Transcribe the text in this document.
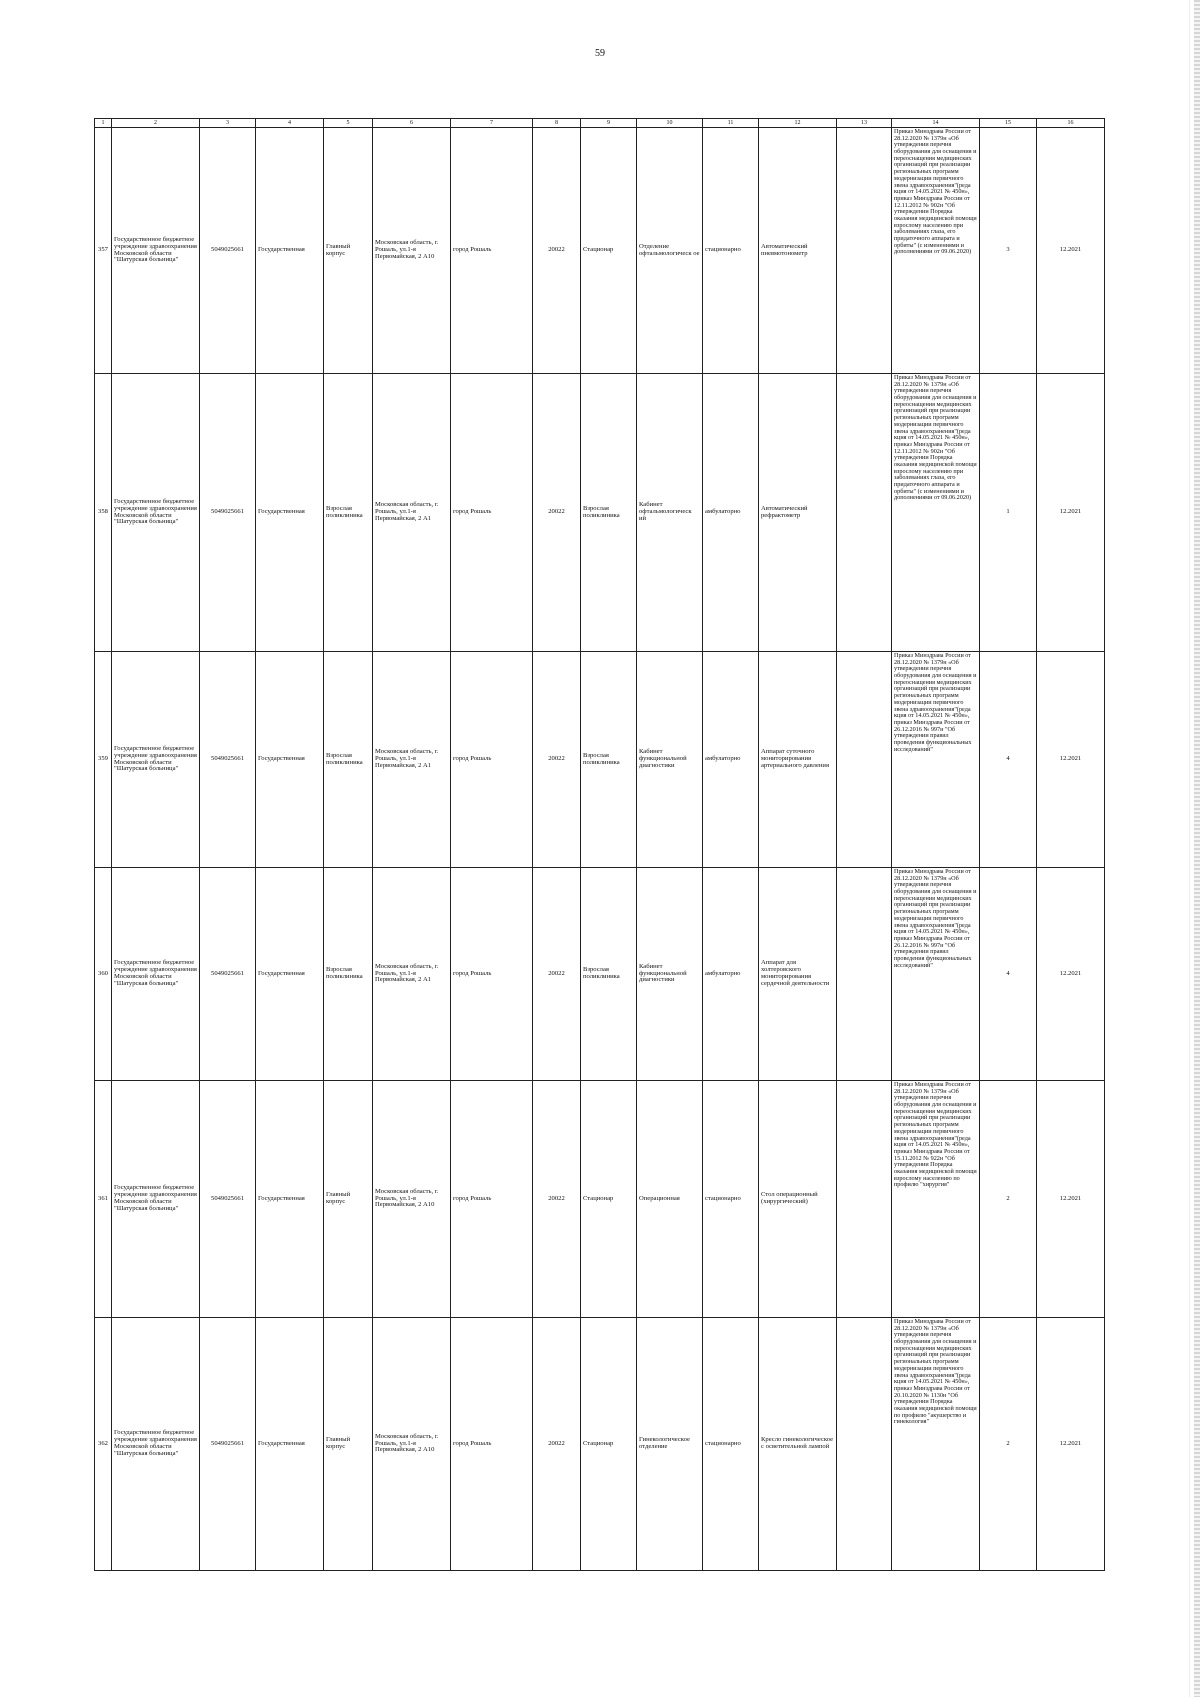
59
1	2	3	4	5	6	7	8	9	10	11	12	13	14	15	16
357	Государственное бюджетное учреждение здравоохранения Московской области "Шатурская больница"	5049025661	Государственная	Главный корпус	Московская область, г. Рошаль, ул.1-я Первомайская, 2 А10	город Рошаль	20022	Стационар	Отделение офтальмологическ ое	стационарно	Автоматический пневмотонометр		Приказ Минздрава России от 28.12.2020 № 1379н «Об утверждении перечня оборудования для оснащения и переоснащения медицинских организаций при реализации региональных программ модернизации первичного звена здравоохранения"(реда кция от 14.05.2021 № 450н», приказ Минздрава России от 12.11.2012 № 902н "Об утверждении Порядка оказания медицинской помощи взрослому населению при заболеваниях глаза, его придаточного аппарата и орбиты" (с изменениями и дополнениями от 09.06.2020)	3	12.2021
358	Государственное бюджетное учреждение здравоохранения Московской области "Шатурская больница"	5049025661	Государственная	Взрослая поликлиника	Московская область, г. Рошаль, ул.1-я Первомайская, 2 А1	город Рошаль	20022	Взрослая поликлиника	Кабинет офтальмологическ ий	амбулаторно	Автоматический рефрактометр		Приказ Минздрава России от 28.12.2020 № 1379н «Об утверждении перечня оборудования для оснащения и переоснащения медицинских организаций при реализации региональных программ модернизации первичного звена здравоохранения"(реда кция от 14.05.2021 № 450н», приказ Минздрава России от 12.11.2012 № 902н "Об утверждении Порядка оказания медицинской помощи взрослому населению при заболеваниях глаза, его придаточного аппарата и орбиты" (с изменениями и дополнениями от 09.06.2020)	1	12.2021
359	Государственное бюджетное учреждение здравоохранения Московской области "Шатурская больница"	5049025661	Государственная	Взрослая поликлиника	Московская область, г. Рошаль, ул.1-я Первомайская, 2 А1	город Рошаль	20022	Взрослая поликлиника	Кабинет функциональной диагностики	амбулаторно	Аппарат суточного мониторирования артериального давления		Приказ Минздрава России от 28.12.2020 № 1379н «Об утверждении перечня оборудования для оснащения и переоснащения медицинских организаций при реализации региональных программ модернизации первичного звена здравоохранения"(реда кция от 14.05.2021 № 450н», приказ Минздрава России от 26.12.2016 № 997н "Об утверждении правил проведения функциональных исследований"	4	12.2021
360	Государственное бюджетное учреждение здравоохранения Московской области "Шатурская больница"	5049025661	Государственная	Взрослая поликлиника	Московская область, г. Рошаль, ул.1-я Первомайская, 2 А1	город Рошаль	20022	Взрослая поликлиника	Кабинет функциональной диагностики	амбулаторно	Аппарат для холтеровского мониторирования сердечной деятельности		Приказ Минздрава России от 28.12.2020 № 1379н «Об утверждении перечня оборудования для оснащения и переоснащения медицинских организаций при реализации региональных программ модернизации первичного звена здравоохранения"(реда кция от 14.05.2021 № 450н», приказ Минздрава России от 26.12.2016 № 997н "Об утверждении правил проведения функциональных исследований"	4	12.2021
361	Государственное бюджетное учреждение здравоохранения Московской области "Шатурская больница"	5049025661	Государственная	Главный корпус	Московская область, г. Рошаль, ул.1-я Первомайская, 2 А10	город Рошаль	20022	Стационар	Операционная	стационарно	Стол операционный (хирургический)		Приказ Минздрава России от 28.12.2020 № 1379н «Об утверждении перечня оборудования для оснащения и переоснащения медицинских организаций при реализации региональных программ модернизации первичного звена здравоохранения"(реда кция от 14.05.2021 № 450н», приказ Минздрава России от 15.11.2012 № 922н "Об утверждении Порядка оказания медицинской помощи взрослому населению по профилю "хирургия"	2	12.2021
362	Государственное бюджетное учреждение здравоохранения Московской области "Шатурская больница"	5049025661	Государственная	Главный корпус	Московская область, г. Рошаль, ул.1-я Первомайская, 2 А10	город Рошаль	20022	Стационар	Гинекологическое отделение	стационарно	Кресло гинекологическое с осветительной лампой		Приказ Минздрава России от 28.12.2020 № 1379н «Об утверждении перечня оборудования для оснащения и переоснащения медицинских организаций при реализации региональных программ модернизации первичного звена здравоохранения"(реда кция от 14.05.2021 № 450н», приказ Минздрава России от 20.10.2020 № 1130н "Об утверждении Порядка оказания медицинской помощи по профилю "акушерство и гинекология"	2	12.2021
